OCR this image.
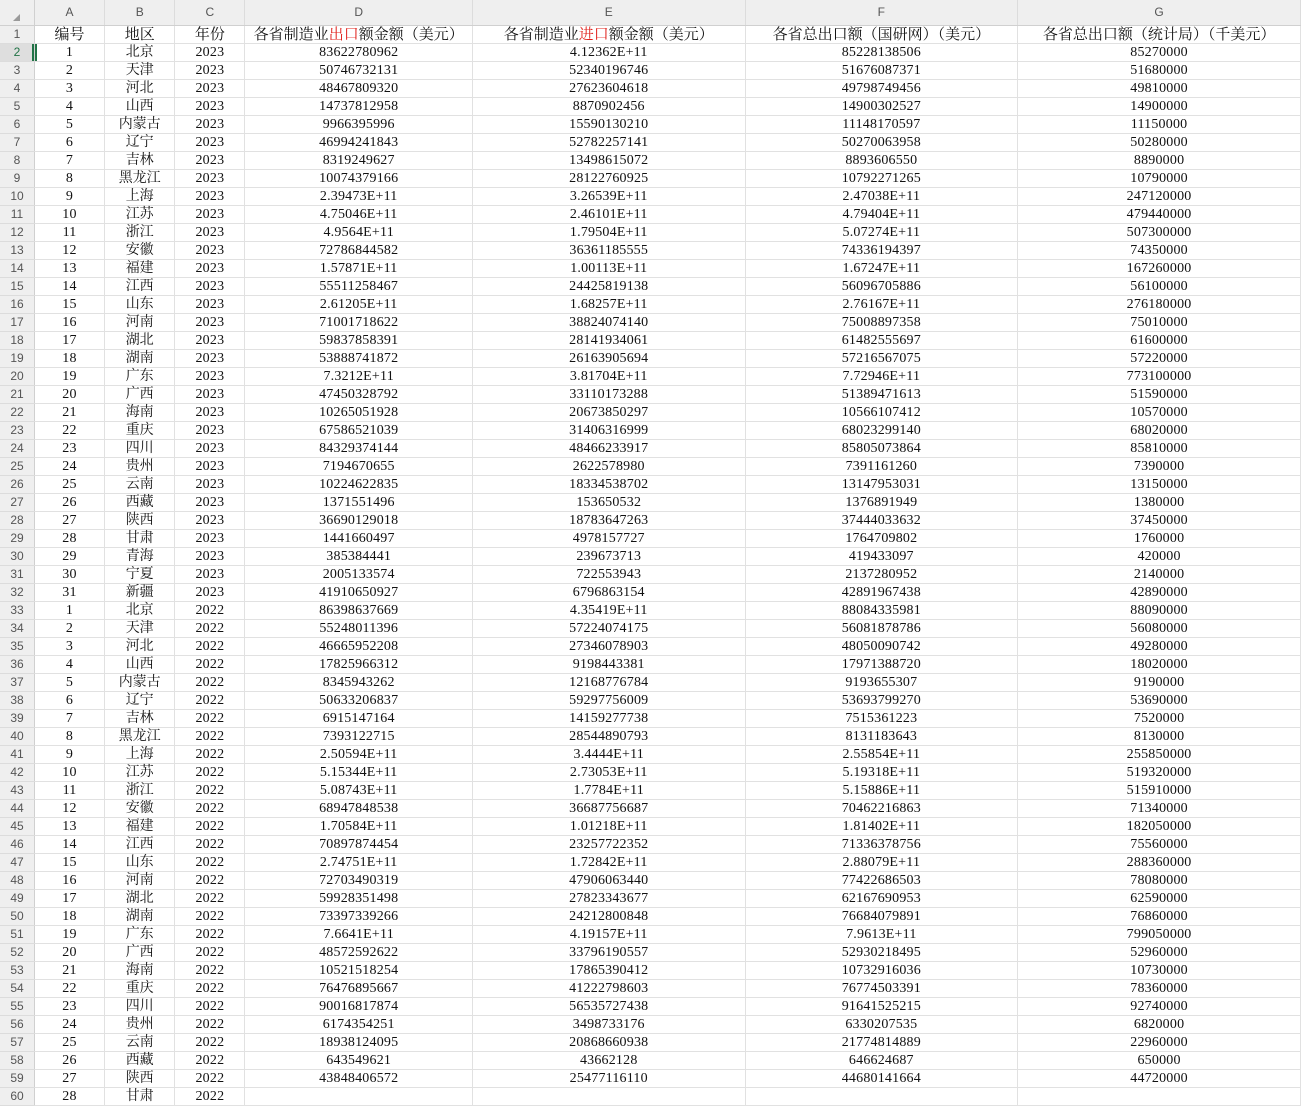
	A	B	C	D	E	F	G
1	编号	地区	年份	各省制造业出口额金额（美元）	各省制造业进口额金额（美元）	各省总出口额（国研网）（美元）	各省总出口额（统计局）（千美元）
2	1	北京	2023	83622780962	4.12362E+11	85228138506	85270000
3	2	天津	2023	50746732131	52340196746	51676087371	51680000
4	3	河北	2023	48467809320	27623604618	49798749456	49810000
5	4	山西	2023	14737812958	8870902456	14900302527	14900000
6	5	内蒙古	2023	9966395996	15590130210	11148170597	11150000
7	6	辽宁	2023	46994241843	52782257141	50270063958	50280000
8	7	吉林	2023	8319249627	13498615072	8893606550	8890000
9	8	黑龙江	2023	10074379166	28122760925	10792271265	10790000
10	9	上海	2023	2.39473E+11	3.26539E+11	2.47038E+11	247120000
11	10	江苏	2023	4.75046E+11	2.46101E+11	4.79404E+11	479440000
12	11	浙江	2023	4.9564E+11	1.79504E+11	5.07274E+11	507300000
13	12	安徽	2023	72786844582	36361185555	74336194397	74350000
14	13	福建	2023	1.57871E+11	1.00113E+11	1.67247E+11	167260000
15	14	江西	2023	55511258467	24425819138	56096705886	56100000
16	15	山东	2023	2.61205E+11	1.68257E+11	2.76167E+11	276180000
17	16	河南	2023	71001718622	38824074140	75008897358	75010000
18	17	湖北	2023	59837858391	28141934061	61482555697	61600000
19	18	湖南	2023	53888741872	26163905694	57216567075	57220000
20	19	广东	2023	7.3212E+11	3.81704E+11	7.72946E+11	773100000
21	20	广西	2023	47450328792	33110173288	51389471613	51590000
22	21	海南	2023	10265051928	20673850297	10566107412	10570000
23	22	重庆	2023	67586521039	31406316999	68023299140	68020000
24	23	四川	2023	84329374144	48466233917	85805073864	85810000
25	24	贵州	2023	7194670655	2622578980	7391161260	7390000
26	25	云南	2023	10224622835	18334538702	13147953031	13150000
27	26	西藏	2023	1371551496	153650532	1376891949	1380000
28	27	陕西	2023	36690129018	18783647263	37444033632	37450000
29	28	甘肃	2023	1441660497	4978157727	1764709802	1760000
30	29	青海	2023	385384441	239673713	419433097	420000
31	30	宁夏	2023	2005133574	722553943	2137280952	2140000
32	31	新疆	2023	41910650927	6796863154	42891967438	42890000
33	1	北京	2022	86398637669	4.35419E+11	88084335981	88090000
34	2	天津	2022	55248011396	57224074175	56081878786	56080000
35	3	河北	2022	46665952208	27346078903	48050090742	49280000
36	4	山西	2022	17825966312	9198443381	17971388720	18020000
37	5	内蒙古	2022	8345943262	12168776784	9193655307	9190000
38	6	辽宁	2022	50633206837	59297756009	53693799270	53690000
39	7	吉林	2022	6915147164	14159277738	7515361223	7520000
40	8	黑龙江	2022	7393122715	28544890793	8131183643	8130000
41	9	上海	2022	2.50594E+11	3.4444E+11	2.55854E+11	255850000
42	10	江苏	2022	5.15344E+11	2.73053E+11	5.19318E+11	519320000
43	11	浙江	2022	5.08743E+11	1.7784E+11	5.15886E+11	515910000
44	12	安徽	2022	68947848538	36687756687	70462216863	71340000
45	13	福建	2022	1.70584E+11	1.01218E+11	1.81402E+11	182050000
46	14	江西	2022	70897874454	23257722352	71336378756	75560000
47	15	山东	2022	2.74751E+11	1.72842E+11	2.88079E+11	288360000
48	16	河南	2022	72703490319	47906063440	77422686503	78080000
49	17	湖北	2022	59928351498	27823343677	62167690953	62590000
50	18	湖南	2022	73397339266	24212800848	76684079891	76860000
51	19	广东	2022	7.6641E+11	4.19157E+11	7.9613E+11	799050000
52	20	广西	2022	48572592622	33796190557	52930218495	52960000
53	21	海南	2022	10521518254	17865390412	10732916036	10730000
54	22	重庆	2022	76476895667	41222798603	76774503391	78360000
55	23	四川	2022	90016817874	56535727438	91641525215	92740000
56	24	贵州	2022	6174354251	3498733176	6330207535	6820000
57	25	云南	2022	18938124095	20868660938	21774814889	22960000
58	26	西藏	2022	643549621	43662128	646624687	650000
59	27	陕西	2022	43848406572	25477116110	44680141664	44720000
60	28	甘肃	2022				
